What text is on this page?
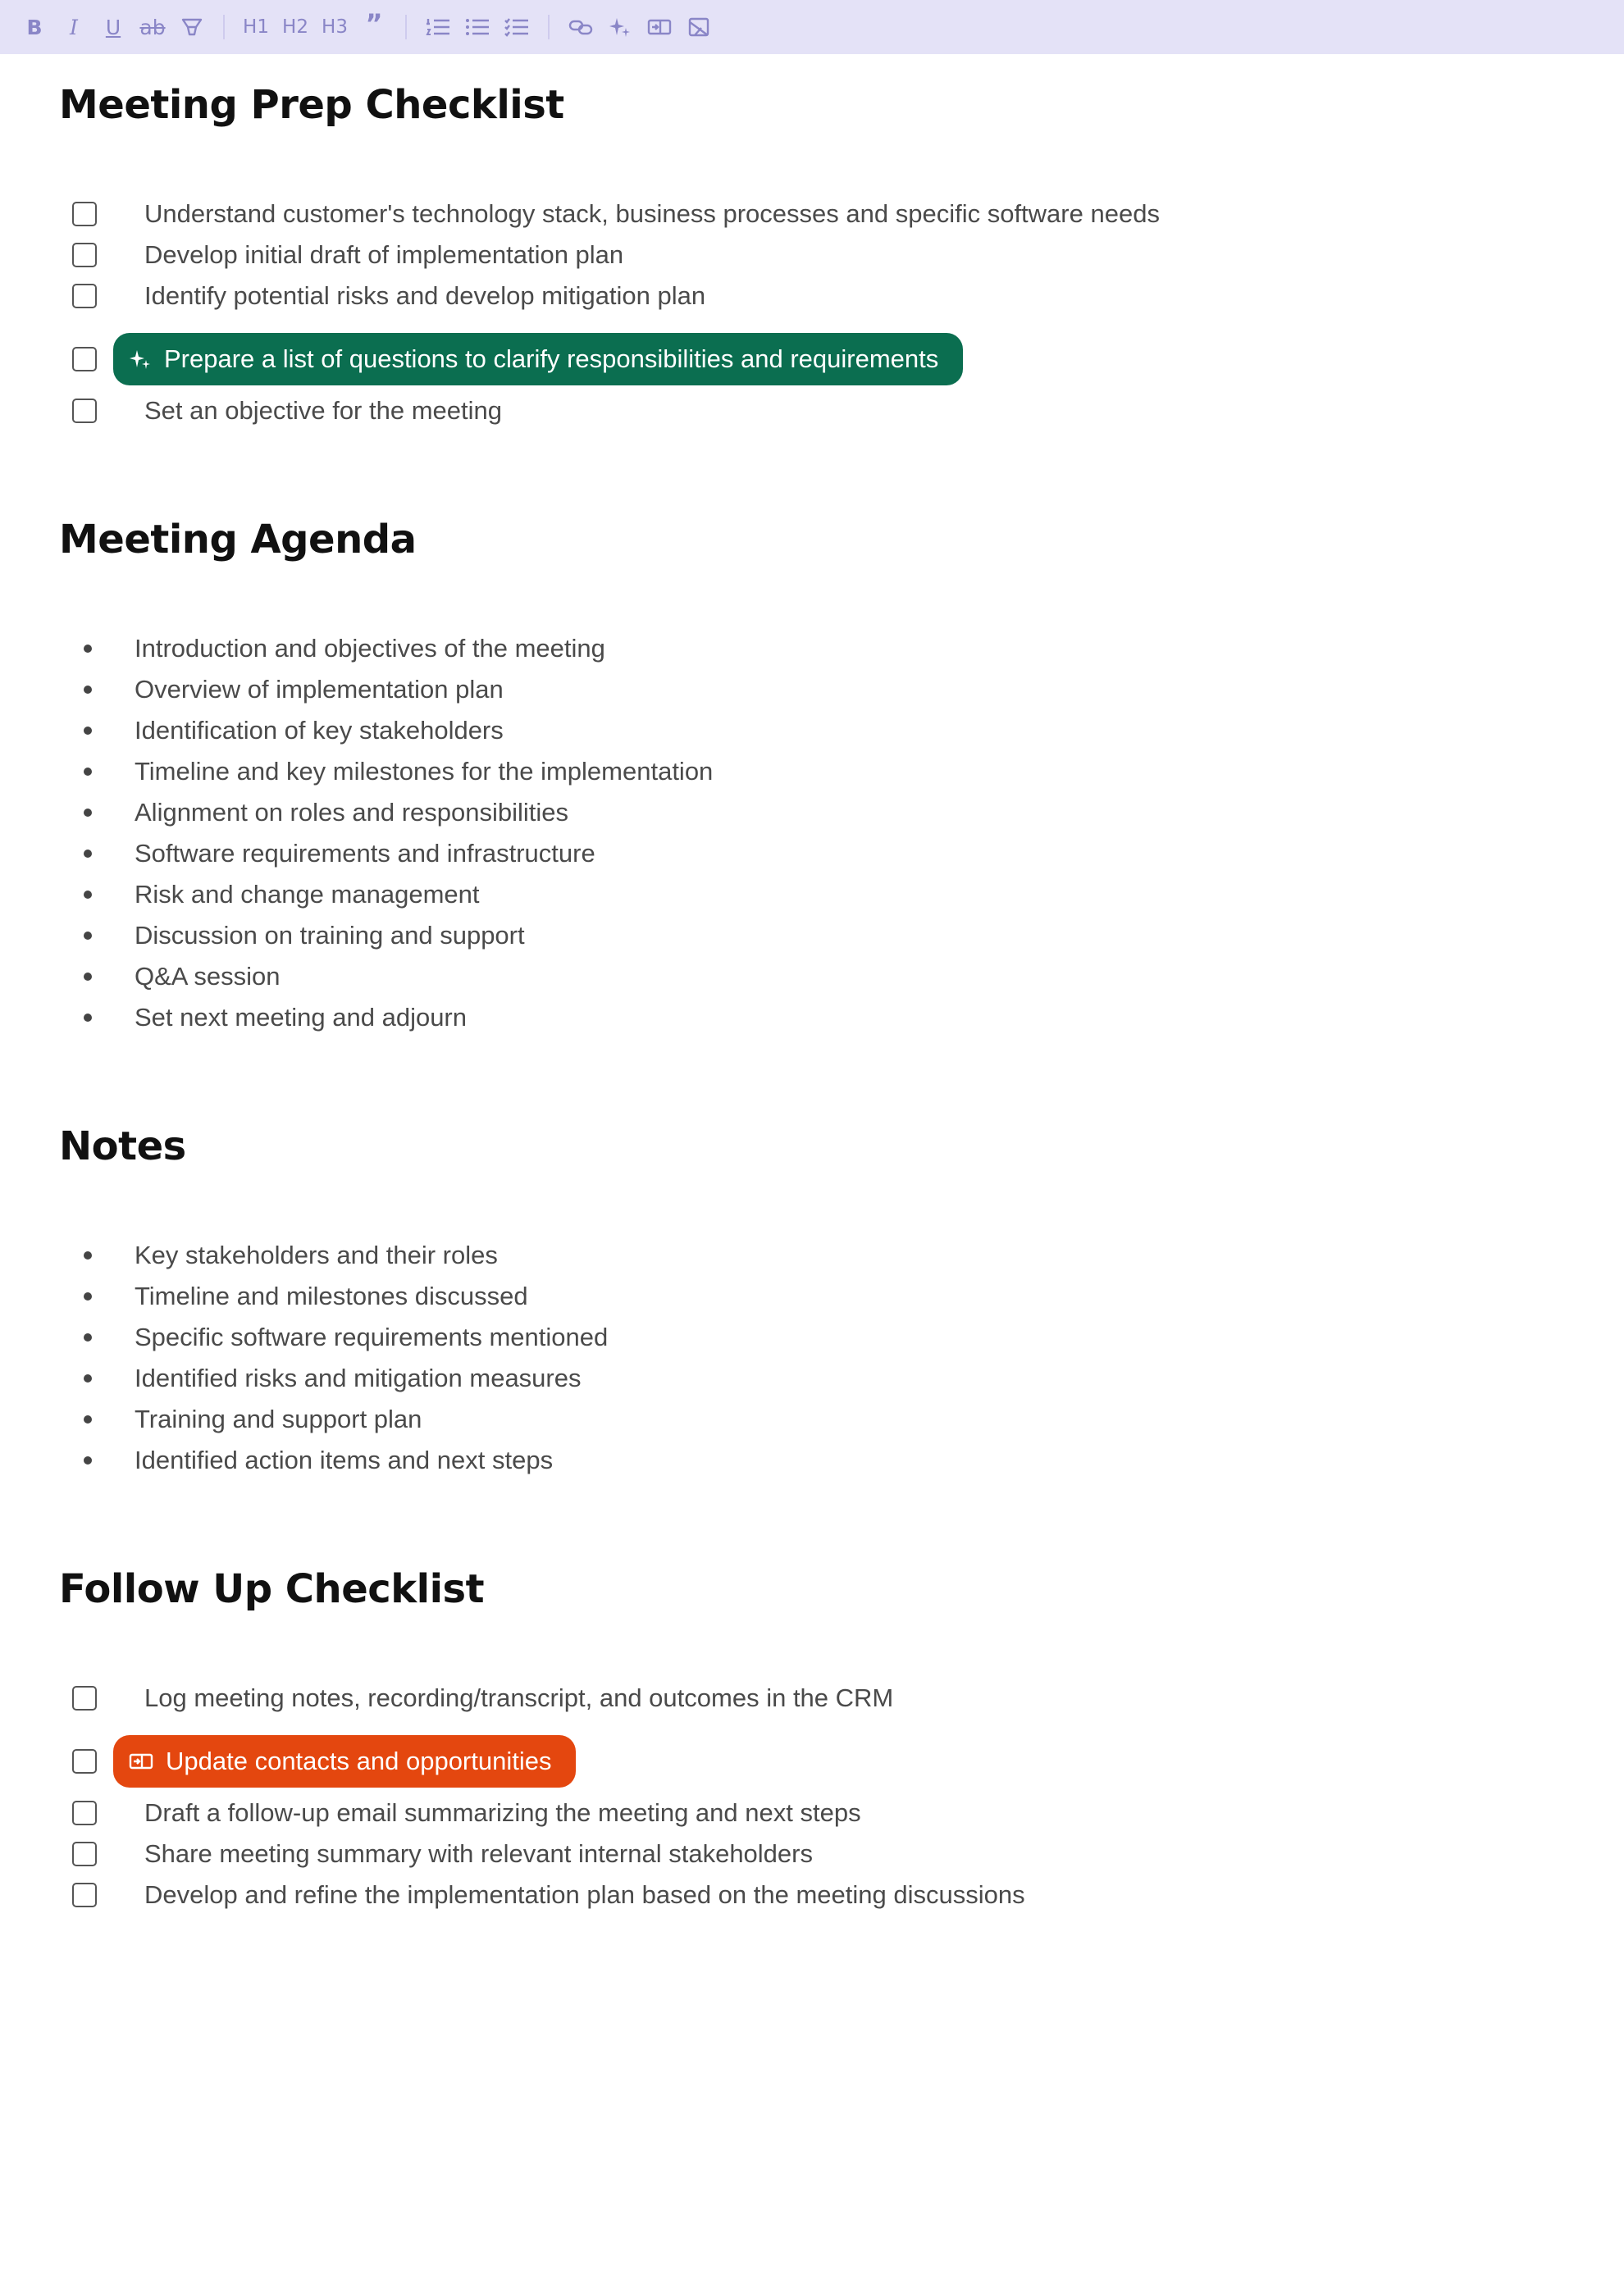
B	I	U ab	H1 H2 H3 ”
Meeting Prep Checklist
Understand customer's technology stack, business processes and specific software needs
Develop initial draft of implementation plan
Identify potential risks and develop mitigation plan
Prepare a list of questions to clarify responsibilities and requirements
Set an objective for the meeting
Meeting Agenda
Introduction and objectives of the meeting
Overview of implementation plan
Identification of key stakeholders
Timeline and key milestones for the implementation
Alignment on roles and responsibilities
Software requirements and infrastructure
Risk and change management
Discussion on training and support
Q&A session
Set next meeting and adjourn
Notes
Key stakeholders and their roles
Timeline and milestones discussed
Specific software requirements mentioned
Identified risks and mitigation measures
Training and support plan
Identified action items and next steps
Follow Up Checklist
Log meeting notes, recording/transcript, and outcomes in the CRM
Update contacts and opportunities
Draft a follow-up email summarizing the meeting and next steps
Share meeting summary with relevant internal stakeholders
Develop and refine the implementation plan based on the meeting discussions
